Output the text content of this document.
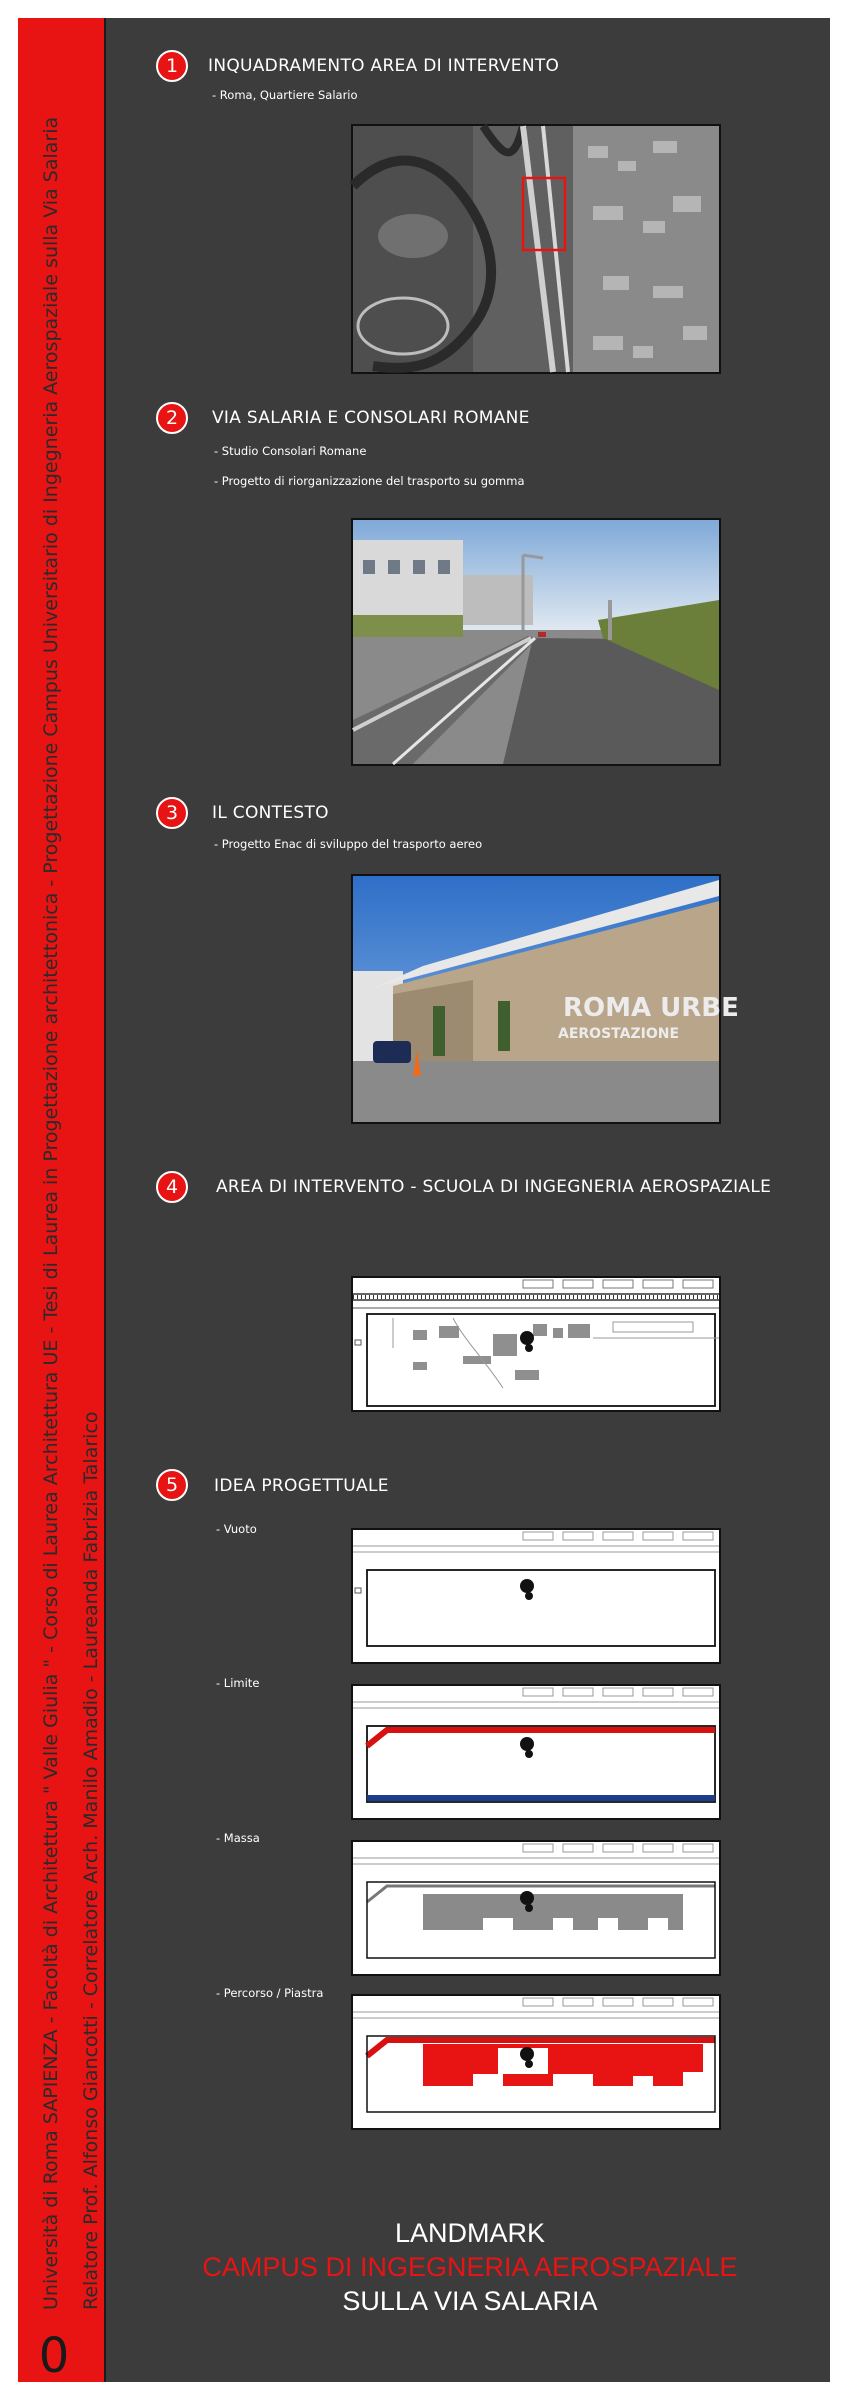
Università di Roma SAPIENZA - Facoltà di Architettura " Valle Giulia " - Corso di Laurea Architettura UE - Tesi di Laurea in Progettazione architettonica - Progettazione Campus Universitario di Ingegneria Aerospaziale sulla Via Salaria Relatore Prof. Alfonso Giancotti - Correlatore Arch. Manilo Amadio - Laureanda Fabrizia Talarico
0
1	INQUADRAMENTO AREA DI INTERVENTO
- Roma, Quartiere Salario
2	VIA SALARIA E CONSOLARI ROMANE
- Studio Consolari Romane
- Progetto di riorganizzazione del trasporto su gomma
3	IL CONTESTO
- Progetto Enac di sviluppo del trasporto aereo
ROMA URBE
AEROSTAZIONE
4	AREA DI INTERVENTO - SCUOLA DI INGEGNERIA AEROSPAZIALE
5	IDEA PROGETTUALE
- Vuoto
- Limite
- Massa
- Percorso / Piastra
LANDMARK
CAMPUS DI INGEGNERIA AEROSPAZIALE
SULLA VIA SALARIA
